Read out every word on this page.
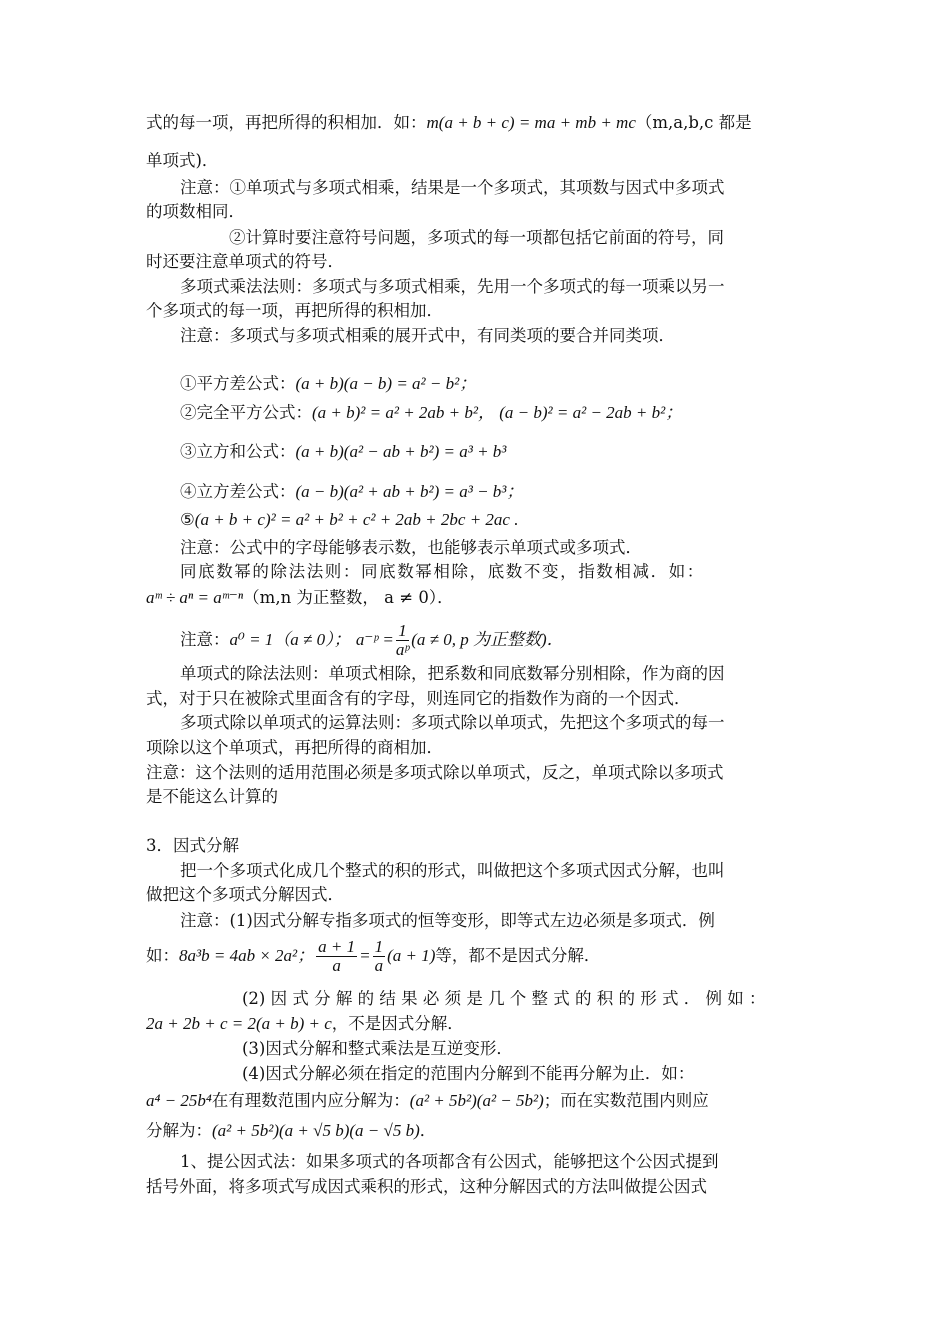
式的每一项，再把所得的积相加．如：m(a + b + c) = ma + mb + mc（m,a,b,c 都是
单项式)．
注意：①单项式与多项式相乘，结果是一个多项式，其项数与因式中多项式
的项数相同．
②计算时要注意符号问题，多项式的每一项都包括它前面的符号，同
时还要注意单项式的符号．
多项式乘法法则：多项式与多项式相乘，先用一个多项式的每一项乘以另一
个多项式的每一项，再把所得的积相加．
注意：多项式与多项式相乘的展开式中，有同类项的要合并同类项．
①平方差公式：(a + b)(a − b) = a² − b²；
②完全平方公式：(a + b)² = a² + 2ab + b²， (a − b)² = a² − 2ab + b²；
③立方和公式：(a + b)(a² − ab + b²) = a³ + b³
④立方差公式：(a − b)(a² + ab + b²) = a³ − b³；
⑤(a + b + c)² = a² + b² + c² + 2ab + 2bc + 2ac .
注意：公式中的字母能够表示数，也能够表示单项式或多项式．
同底数幂的除法法则：同底数幂相除，底数不变，指数相减．如：
aᵐ ÷ aⁿ = aᵐ⁻ⁿ（m,n 为正整数， a ≠ 0）．
注意：a⁰ = 1（a ≠ 0）； a⁻ᵖ = $\frac{1}{\text{aᵖ}} (a \ne 0$, p 为正整数)．
单项式的除法法则：单项式相除，把系数和同底数幂分别相除，作为商的因
式，对于只在被除式里面含有的字母，则连同它的指数作为商的一个因式．
多项式除以单项式的运算法则：多项式除以单项式，先把这个多项式的每一
项除以这个单项式，再把所得的商相加．
注意：这个法则的适用范围必须是多项式除以单项式，反之，单项式除以多项式
是不能这么计算的
3．因式分解
把一个多项式化成几个整式的积的形式，叫做把这个多项式因式分解，也叫
做把这个多项式分解因式．
注意：(1)因式分解专指多项式的恒等变形，即等式左边必须是多项式．例
如：8a³b = 4ab × 2a²； $\frac{a + 1}{a} = \frac{1}{a} (a + 1)$等，都不是因式分解．
(2) 因 式 分 解 的 结 果 必 须 是 几 个 整 式 的 积 的 形 式 ． 例 如 ：
2a + 2b + c = 2(a + b) + c，不是因式分解．
(3)因式分解和整式乘法是互逆变形．
(4)因式分解必须在指定的范围内分解到不能再分解为止．如：
a⁴ − 25b⁴在有理数范围内应分解为：(a² + 5b²)(a² − 5b²)；而在实数范围内则应
分解为：(a² + 5b²)(a + √5 b)(a − √5 b)．
1、提公因式法：如果多项式的各项都含有公因式，能够把这个公因式提到
括号外面，将多项式写成因式乘积的形式，这种分解因式的方法叫做提公因式
